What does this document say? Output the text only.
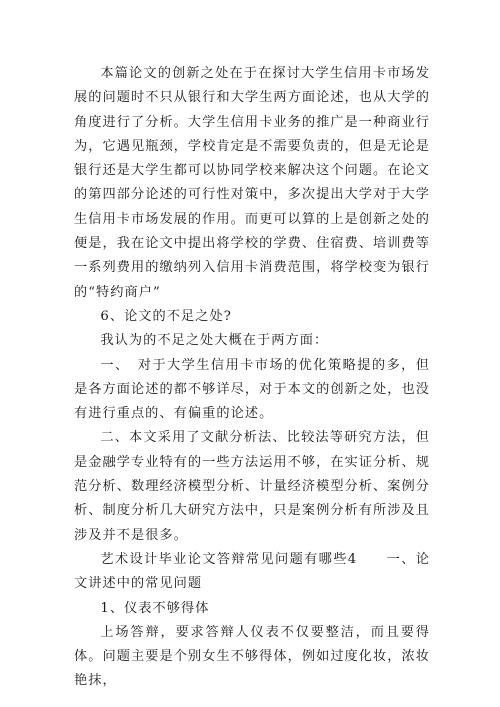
本篇论文的创新之处在于在探讨大学生信用卡市场发展的问题时不只从银行和大学生两方面论述，也从大学的角度进行了分析。大学生信用卡业务的推广是一种商业行为，它遇见瓶颈，学校肯定是不需要负责的，但是无论是银行还是大学生都可以协同学校来解决这个问题。在论文的第四部分论述的可行性对策中，多次提出大学对于大学生信用卡市场发展的作用。而更可以算的上是创新之处的便是，我在论文中提出将学校的学费、住宿费、培训费等一系列费用的缴纳列入信用卡消费范围，将学校变为银行的“特约商户”

6、论文的不足之处?

我认为的不足之处大概在于两方面：

一、　对于大学生信用卡市场的优化策略提的多，但是各方面论述的都不够详尽，对于本文的创新之处，也没有进行重点的、有偏重的论述。

二、本文采用了文献分析法、比较法等研究方法，但是金融学专业特有的一些方法运用不够，在实证分析、规范分析、数理经济模型分析、计量经济模型分析、案例分析、制度分析几大研究方法中，只是案例分析有所涉及且涉及并不是很多。

艺术设计毕业论文答辩常见问题有哪些4　　一、论文讲述中的常见问题

1、仪表不够得体

上场答辩，要求答辩人仪表不仅要整洁，而且要得体。问题主要是个别女生不够得体，例如过度化妆，浓妆艳抹，
